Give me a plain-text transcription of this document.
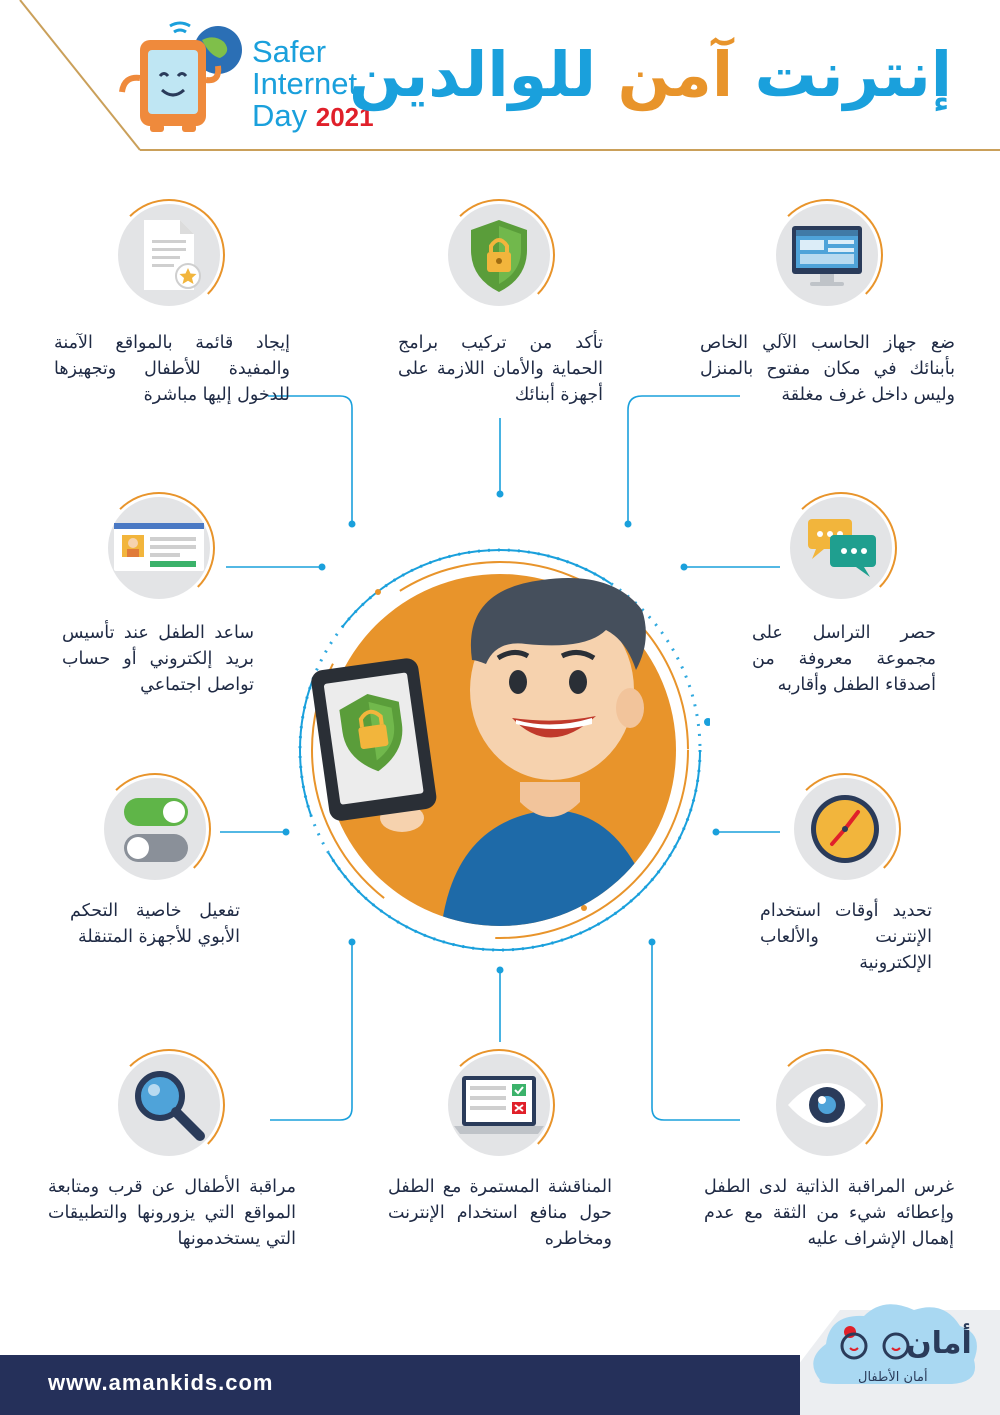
Safer
Internet
Day 2021
إنترنت آمن للوالدين
ضع جهاز الحاسب الآلي الخاص بأبنائك في مكان مفتوح بالمنزل وليس داخل غرف مغلقة
تأكد من تركيب برامج الحماية والأمان اللازمة على أجهزة أبنائك
إيجاد قائمة بالمواقع الآمنة والمفيدة للأطفال وتجهيزها للدخول إليها مباشرة
حصر التراسل على مجموعة معروفة من أصدقاء الطفل وأقاربه
ساعد الطفل عند تأسيس بريد إلكتروني أو حساب تواصل اجتماعي
تحديد أوقات استخدام الإنترنت والألعاب الإلكترونية
تفعيل خاصية التحكم الأبوي للأجهزة المتنقلة
غرس المراقبة الذاتية لدى الطفل وإعطائه شيء من الثقة مع عدم إهمال الإشراف عليه
المناقشة المستمرة مع الطفل حول منافع استخدام الإنترنت ومخاطره
مراقبة الأطفال عن قرب ومتابعة المواقع التي يزورونها والتطبيقات التي يستخدمونها
www.amankids.com
أمان
أمان الأطفال
